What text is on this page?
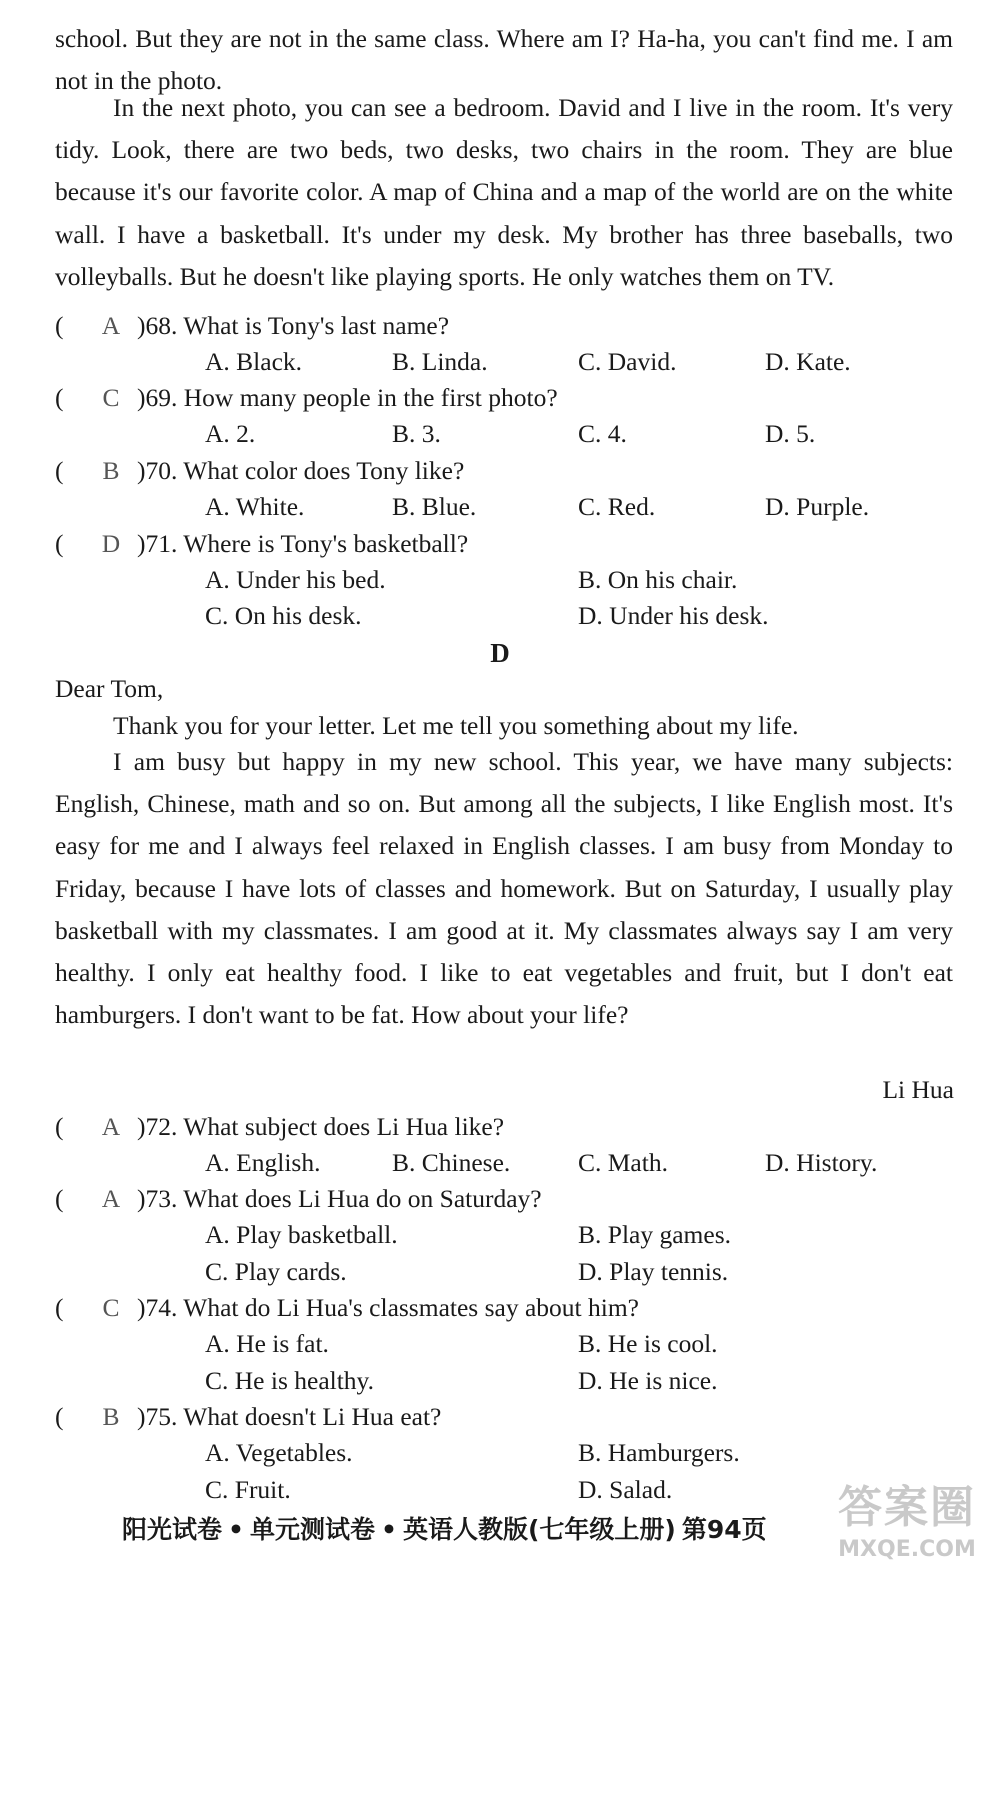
school. But they are not in the same class. Where am I? Ha-ha, you can't find me. I am not in the photo.

In the next photo, you can see a bedroom. David and I live in the room. It's very tidy. Look, there are two beds, two desks, two chairs in the room. They are blue because it's our favorite color. A map of China and a map of the world are on the white wall. I have a basketball. It's under my desk. My brother has three baseballs, two volleyballs. But he doesn't like playing sports. He only watches them on TV.

( A )68. What is Tony's last name?
A. Black.	B. Linda.	C. David.	D. Kate.
( C )69. How many people in the first photo?
A. 2.	B. 3.	C. 4.	D. 5.
( B )70. What color does Tony like?
A. White.	B. Blue.	C. Red.	D. Purple.
( D )71. Where is Tony's basketball?
A. Under his bed.	B. On his chair.
C. On his desk.	D. Under his desk.
D
Dear Tom,

Thank you for your letter. Let me tell you something about my life.

I am busy but happy in my new school. This year, we have many subjects: English, Chinese, math and so on. But among all the subjects, I like English most. It's easy for me and I always feel relaxed in English classes. I am busy from Monday to Friday, because I have lots of classes and homework. But on Saturday, I usually play basketball with my classmates. I am good at it. My classmates always say I am very healthy. I only eat healthy food. I like to eat vegetables and fruit, but I don't eat hamburgers. I don't want to be fat. How about your life?

Li Hua
( A )72. What subject does Li Hua like?
A. English.	B. Chinese.	C. Math.	D. History.
( A )73. What does Li Hua do on Saturday?
A. Play basketball.	B. Play games.
C. Play cards.	D. Play tennis.
( C )74. What do Li Hua's classmates say about him?
A. He is fat.	B. He is cool.
C. He is healthy.	D. He is nice.
( B )75. What doesn't Li Hua eat?
A. Vegetables.	B. Hamburgers.
C. Fruit.	D. Salad.
阳光试卷 • 单元测试卷 • 英语人教版(七年级上册) 第94页 答案圈
MXQE.COM
